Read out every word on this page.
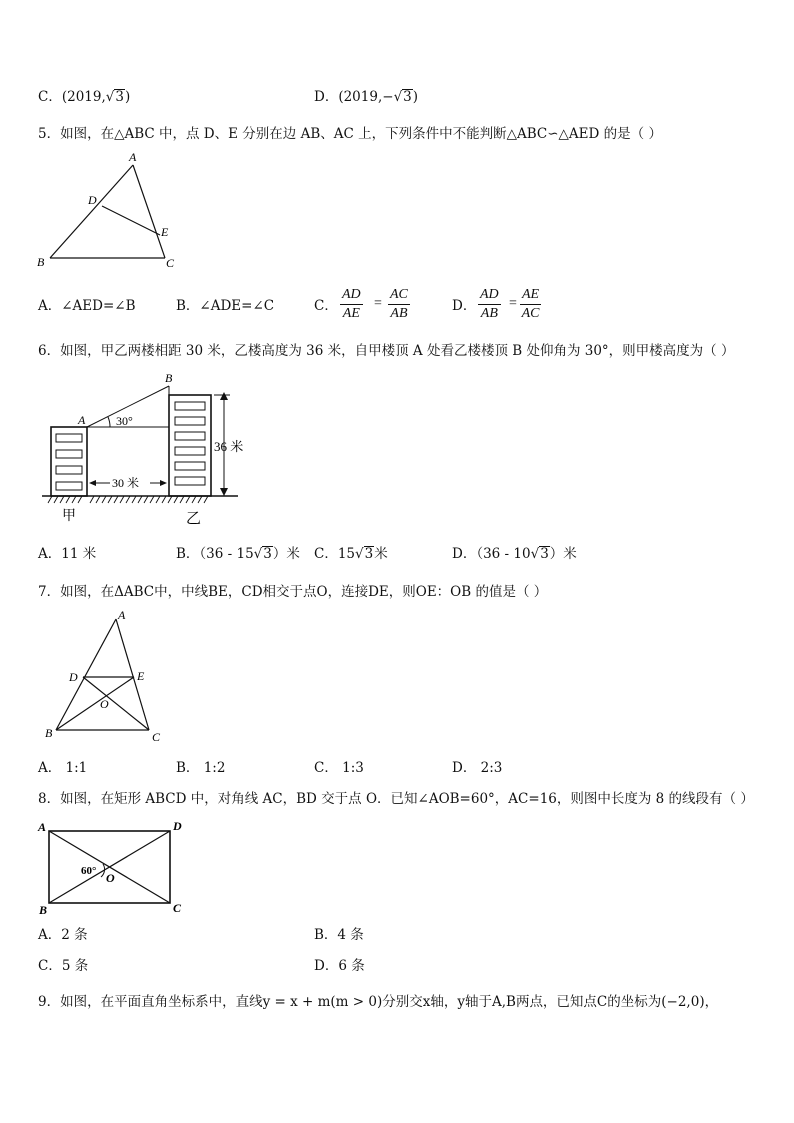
C．(2019,√3)	D．(2019,−√3)
5．如图，在△ABC 中，点 D、E 分别在边 AB、AC 上，下列条件中不能判断△ABC∽△AED 的是（ ）
A
D
E
B	C
A．∠AED=∠B	B．∠ADE=∠C	C． $\frac{AD}{AE} = \frac{AC}{AB}$	D． $\frac{AD}{AB} = \frac{AE}{AC}$
6．如图，甲乙两楼相距 30 米，乙楼高度为 36 米，自甲楼顶 A 处看乙楼楼顶 B 处仰角为 30°，则甲楼高度为（ ）
A
B
30°
36 米
30 米
甲	乙
A．11 米	B．（36 - 15√3）米 C．15√3米	D．（36 - 10√3）米
7．如图，在ΔABC中，中线BE，CD相交于点O，连接DE，则OE：OB 的值是（ ）
A
D	E
O
B	C
A． 1:1	B． 1:2	C． 1:3	D． 2:3
8．如图，在矩形 ABCD 中，对角线 AC，BD 交于点 O．已知∠AOB=60°，AC=16，则图中长度为 8 的线段有（ ）
A	D
B	C
O
60°
A．2 条	B．4 条
C．5 条	D．6 条
9．如图，在平面直角坐标系中，直线y = x + m(m > 0)分别交x轴，y轴于A,B两点，已知点C的坐标为(−2,0)，
